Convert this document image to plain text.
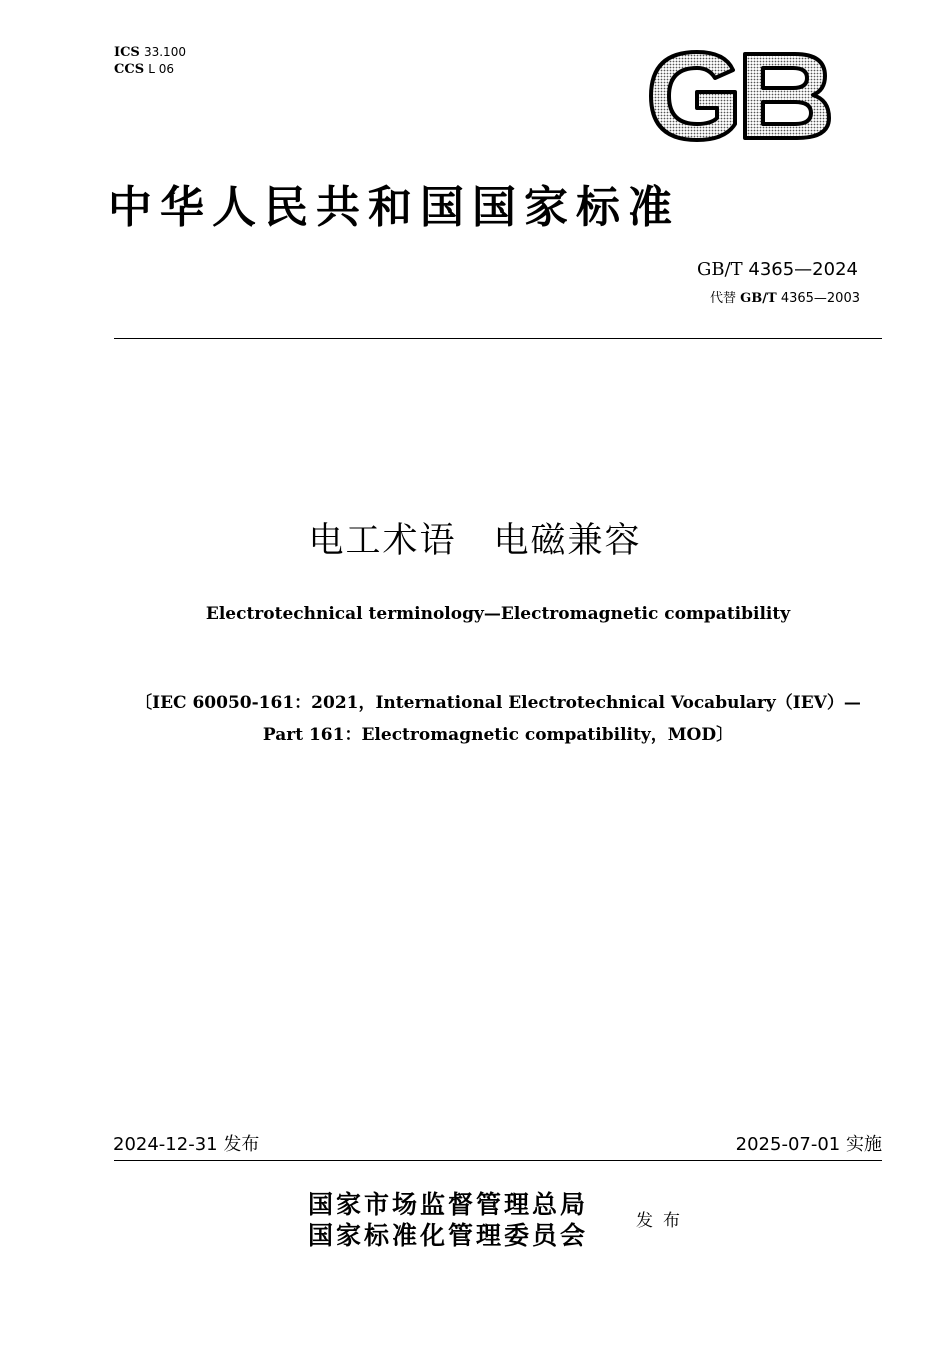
ICS 33.100
CCS L 06
中华人民共和国国家标准
GB/T 4365—2024
代替 GB/T 4365—2003
电工术语　电磁兼容
Electrotechnical terminology—Electromagnetic compatibility
〔IEC 60050-161：2021，International Electrotechnical Vocabulary（IEV）—
Part 161：Electromagnetic compatibility，MOD〕
2024-12-31 发布	2025-07-01 实施
国家市场监督管理总局
国家标准化管理委员会	发布
